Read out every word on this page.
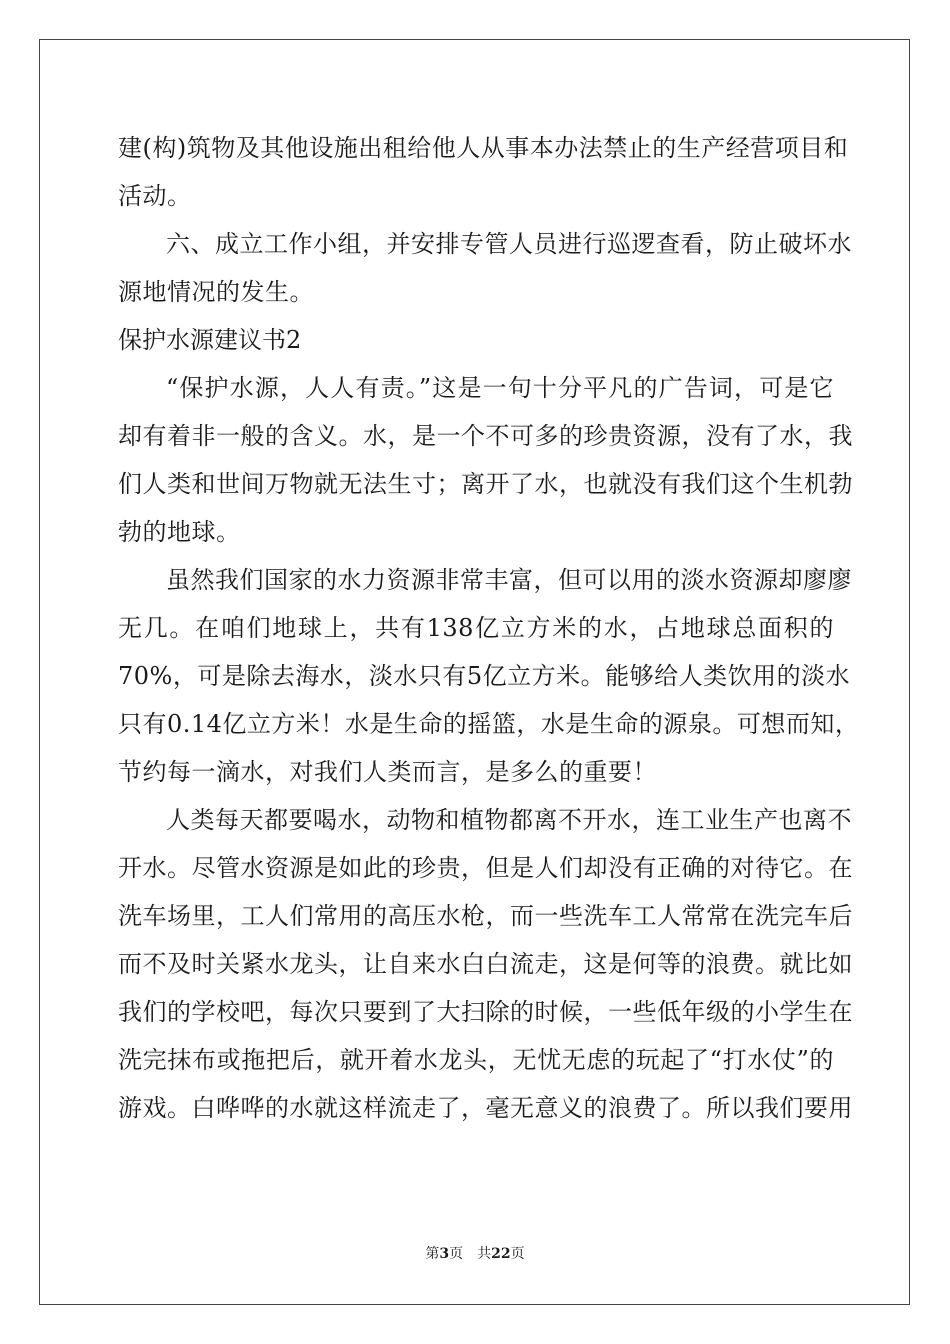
建(构)筑物及其他设施出租给他人从事本办法禁止的生产经营项目和
活动。
六、成立工作小组，并安排专管人员进行巡逻查看，防止破坏水
源地情况的发生。
保护水源建议书2
“保护水源，人人有责。”这是一句十分平凡的广告词，可是它
却有着非一般的含义。水，是一个不可多的珍贵资源，没有了水，我
们人类和世间万物就无法生寸；离开了水，也就没有我们这个生机勃
勃的地球。
虽然我们国家的水力资源非常丰富，但可以用的淡水资源却廖廖
无几。在咱们地球上，共有138亿立方米的水，占地球总面积的
70%，可是除去海水，淡水只有5亿立方米。能够给人类饮用的淡水
只有0.14亿立方米！水是生命的摇篮，水是生命的源泉。可想而知，
节约每一滴水，对我们人类而言，是多么的重要！
人类每天都要喝水，动物和植物都离不开水，连工业生产也离不
开水。尽管水资源是如此的珍贵，但是人们却没有正确的对待它。在
洗车场里，工人们常用的高压水枪，而一些洗车工人常常在洗完车后
而不及时关紧水龙头，让自来水白白流走，这是何等的浪费。就比如
我们的学校吧，每次只要到了大扫除的时候，一些低年级的小学生在
洗完抹布或拖把后，就开着水龙头，无忧无虑的玩起了“打水仗”的
游戏。白哗哗的水就这样流走了，毫无意义的浪费了。所以我们要用
第3页 共22页
